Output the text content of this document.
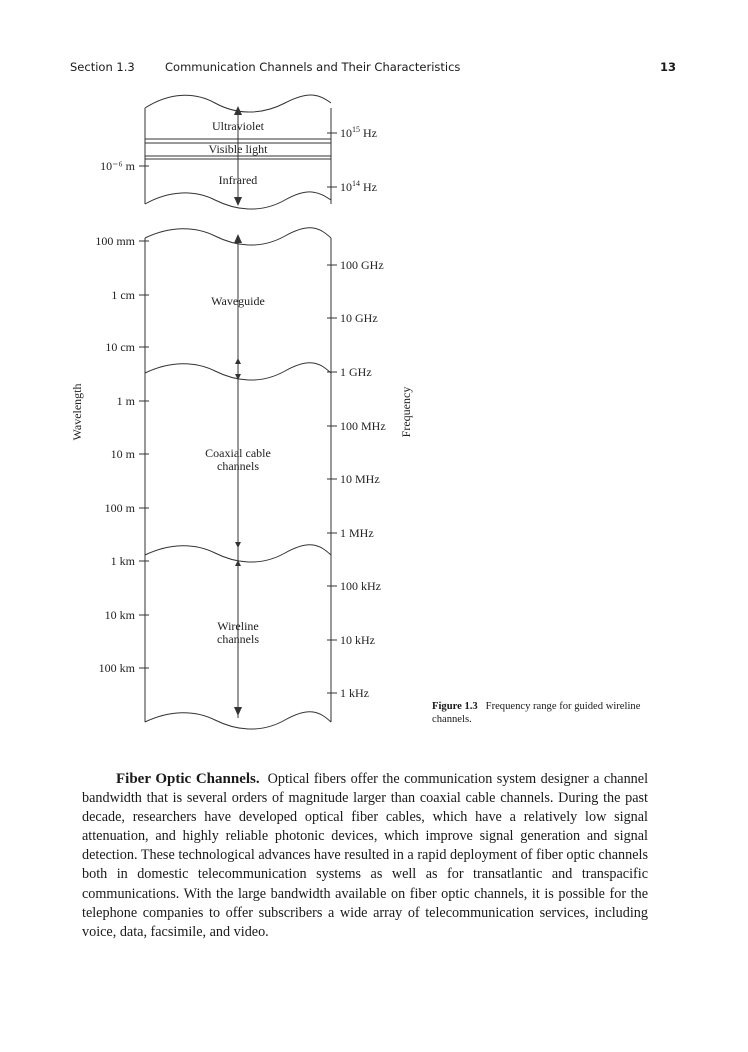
Section 1.3	Communication Channels and Their Characteristics	13
Ultraviolet
Visible light
Infrared
Waveguide
Coaxial cable channels
Wireline channels
10⁻⁶ m
100 mm
1 cm
10 cm
1 m
10 m
100 m
1 km
10 km
100 km
$10^{15}$ Hz
$10^{14}$ Hz
100 GHz
10 GHz
1 GHz
100 MHz
10 MHz
1 MHz
100 kHz
10 kHz
1 kHz
Wavelength	Frequency
Figure 1.3 Frequency range for guided wireline channels.

Fiber Optic Channels. Optical fibers offer the communication system designer a channel bandwidth that is several orders of magnitude larger than coaxial cable channels. During the past decade, researchers have developed optical fiber cables, which have a relatively low signal attenuation, and highly reliable photonic devices, which improve signal generation and signal detection. These technological advances have resulted in a rapid deployment of fiber optic channels both in domestic telecommunication systems as well as for transatlantic and transpacific communications. With the large bandwidth available on fiber optic channels, it is possible for the telephone companies to offer subscribers a wide array of telecommunication services, including voice, data, facsimile, and video.
